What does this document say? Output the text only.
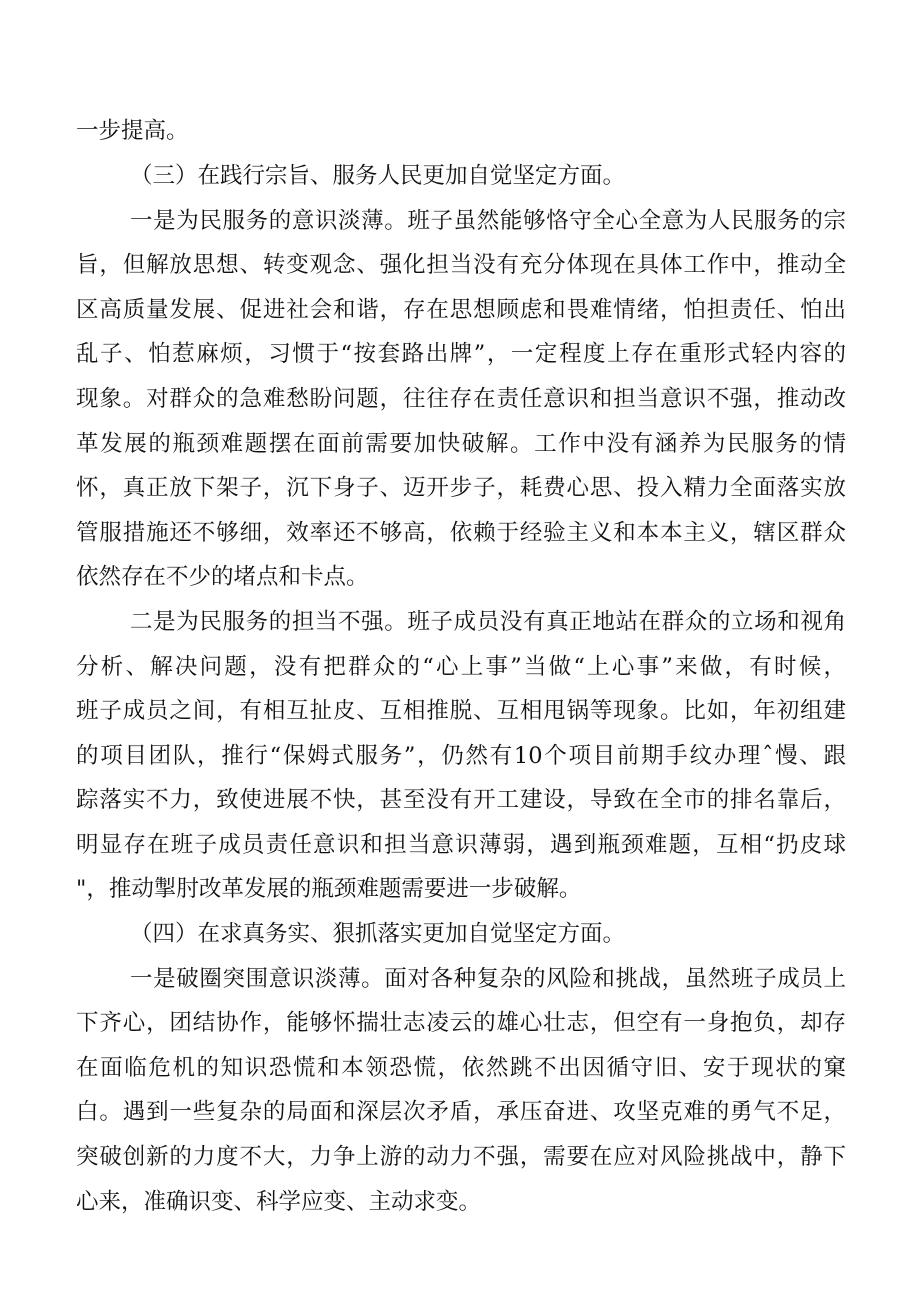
一步提高。
（三）在践行宗旨、服务人民更加自觉坚定方面。
一是为民服务的意识淡薄。班子虽然能够恪守全心全意为人民服务的宗
旨，但解放思想、转变观念、强化担当没有充分体现在具体工作中，推动全
区高质量发展、促进社会和谐，存在思想顾虑和畏难情绪，怕担责任、怕出
乱子、怕惹麻烦，习惯于“按套路出牌”，一定程度上存在重形式轻内容的
现象。对群众的急难愁盼问题，往往存在责任意识和担当意识不强，推动改
革发展的瓶颈难题摆在面前需要加快破解。工作中没有涵养为民服务的情
怀，真正放下架子，沉下身子、迈开步子，耗费心思、投入精力全面落实放
管服措施还不够细，效率还不够高，依赖于经验主义和本本主义，辖区群众
依然存在不少的堵点和卡点。
二是为民服务的担当不强。班子成员没有真正地站在群众的立场和视角
分析、解决问题，没有把群众的“心上事”当做“上心事”来做，有时候，
班子成员之间，有相互扯皮、互相推脱、互相甩锅等现象。比如，年初组建
的项目团队，推行“保姆式服务”，仍然有10个项目前期手纹办理ˆ慢、跟
踪落实不力，致使进展不快，甚至没有开工建设，导致在全市的排名靠后，
明显存在班子成员责任意识和担当意识薄弱，遇到瓶颈难题，互相“扔皮球
"，推动掣肘改革发展的瓶颈难题需要进一步破解。
（四）在求真务实、狠抓落实更加自觉坚定方面。
一是破圈突围意识淡薄。面对各种复杂的风险和挑战，虽然班子成员上
下齐心，团结协作，能够怀揣壮志凌云的雄心壮志，但空有一身抱负，却存
在面临危机的知识恐慌和本领恐慌，依然跳不出因循守旧、安于现状的窠
白。遇到一些复杂的局面和深层次矛盾，承压奋进、攻坚克难的勇气不足，
突破创新的力度不大，力争上游的动力不强，需要在应对风险挑战中，静下
心来，准确识变、科学应变、主动求变。
